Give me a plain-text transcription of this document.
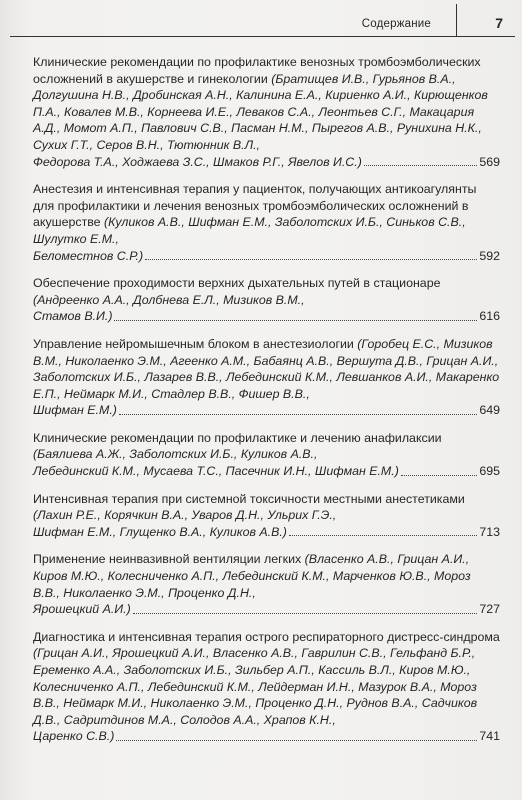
Содержание	7
Клинические рекомендации по профилактике венозных тромбоэмболических осложнений в акушерстве и гинекологии (Братищев И.В., Гурьянов В.А., Долгушина Н.В., Дробинская А.Н., Калинина Е.А., Кириенко А.И., Кирющенков П.А., Ковалев М.В., Корнеева И.Е., Леваков С.А., Леонтьев С.Г., Макацария А.Д., Момот А.П., Павлович С.В., Пасман Н.М., Пырегов А.В., Рунихина Н.К., Сухих Г.Т., Серов В.Н., Тютюнник В.Л.,
Федорова Т.А., Ходжаева З.С., Шмаков Р.Г., Явелов И.С.)	569
Анестезия и интенсивная терапия у пациенток, получающих антикоагулянты для профилактики и лечения венозных тромбоэмболических осложнений в акушерстве (Куликов А.В., Шифман Е.М., Заболотских И.Б., Синьков С.В., Шулутко Е.М.,
Беломестнов С.Р.)	592
Обеспечение проходимости верхних дыхательных путей в стационаре (Андреенко А.А., Долбнева Е.Л., Мизиков В.М.,
Стамов В.И.)	616
Управление нейромышечным блоком в анестезиологии (Горобец Е.С., Мизиков В.М., Николаенко Э.М., Агеенко А.М., Бабаянц А.В., Вершута Д.В., Грицан А.И., Заболотских И.Б., Лазарев В.В., Лебединский К.М., Левшанков А.И., Макаренко Е.П., Неймарк М.И., Стадлер В.В., Фишер В.В.,
Шифман Е.М.)	649
Клинические рекомендации по профилактике и лечению анафилаксии (Баялиева А.Ж., Заболотских И.Б., Куликов А.В.,
Лебединский К.М., Мусаева Т.С., Пасечник И.Н., Шифман Е.М.)	695
Интенсивная терапия при системной токсичности местными анестетиками (Лахин Р.Е., Корячкин В.А., Уваров Д.Н., Ульрих Г.Э.,
Шифман Е.М., Глущенко В.А., Куликов А.В.)	713
Применение неинвазивной вентиляции легких (Власенко А.В., Грицан А.И., Киров М.Ю., Колесниченко А.П., Лебединский К.М., Марченков Ю.В., Мороз В.В., Николаенко Э.М., Проценко Д.Н.,
Ярошецкий А.И.)	727
Диагностика и интенсивная терапия острого респираторного дистресс-синдрома (Грицан А.И., Ярошецкий А.И., Власенко А.В., Гаврилин С.В., Гельфанд Б.Р., Еременко А.А., Заболотских И.Б., Зильбер А.П., Кассиль В.Л., Киров М.Ю., Колесниченко А.П., Лебединский К.М., Лейдерман И.Н., Мазурок В.А., Мороз В.В., Неймарк М.И., Николаенко Э.М., Проценко Д.Н., Руднов В.А., Садчиков Д.В., Садритдинов М.А., Солодов А.А., Храпов К.Н.,
Царенко С.В.)	741
